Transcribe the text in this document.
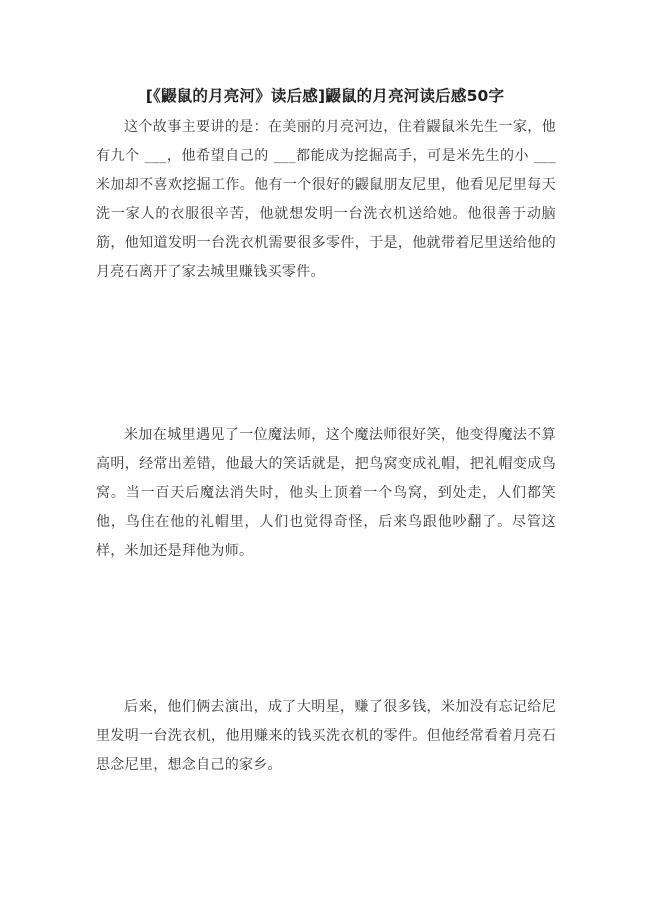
[《鼹鼠的月亮河》读后感]鼹鼠的月亮河读后感50字

这个故事主要讲的是：在美丽的月亮河边，住着鼹鼠米先生一家，他有九个 ___，他希望自己的 ___都能成为挖掘高手，可是米先生的小 ___米加却不喜欢挖掘工作。他有一个很好的鼹鼠朋友尼里，他看见尼里每天洗一家人的衣服很辛苦，他就想发明一台洗衣机送给她。他很善于动脑筋，他知道发明一台洗衣机需要很多零件，于是，他就带着尼里送给他的月亮石离开了家去城里赚钱买零件。

米加在城里遇见了一位魔法师，这个魔法师很好笑，他变得魔法不算高明，经常出差错，他最大的笑话就是，把鸟窝变成礼帽，把礼帽变成鸟窝。当一百天后魔法消失时，他头上顶着一个鸟窝，到处走，人们都笑他，鸟住在他的礼帽里，人们也觉得奇怪，后来鸟跟他吵翻了。尽管这样，米加还是拜他为师。

后来，他们俩去演出，成了大明星，赚了很多钱，米加没有忘记给尼里发明一台洗衣机，他用赚来的钱买洗衣机的零件。但他经常看着月亮石思念尼里，想念自己的家乡。
